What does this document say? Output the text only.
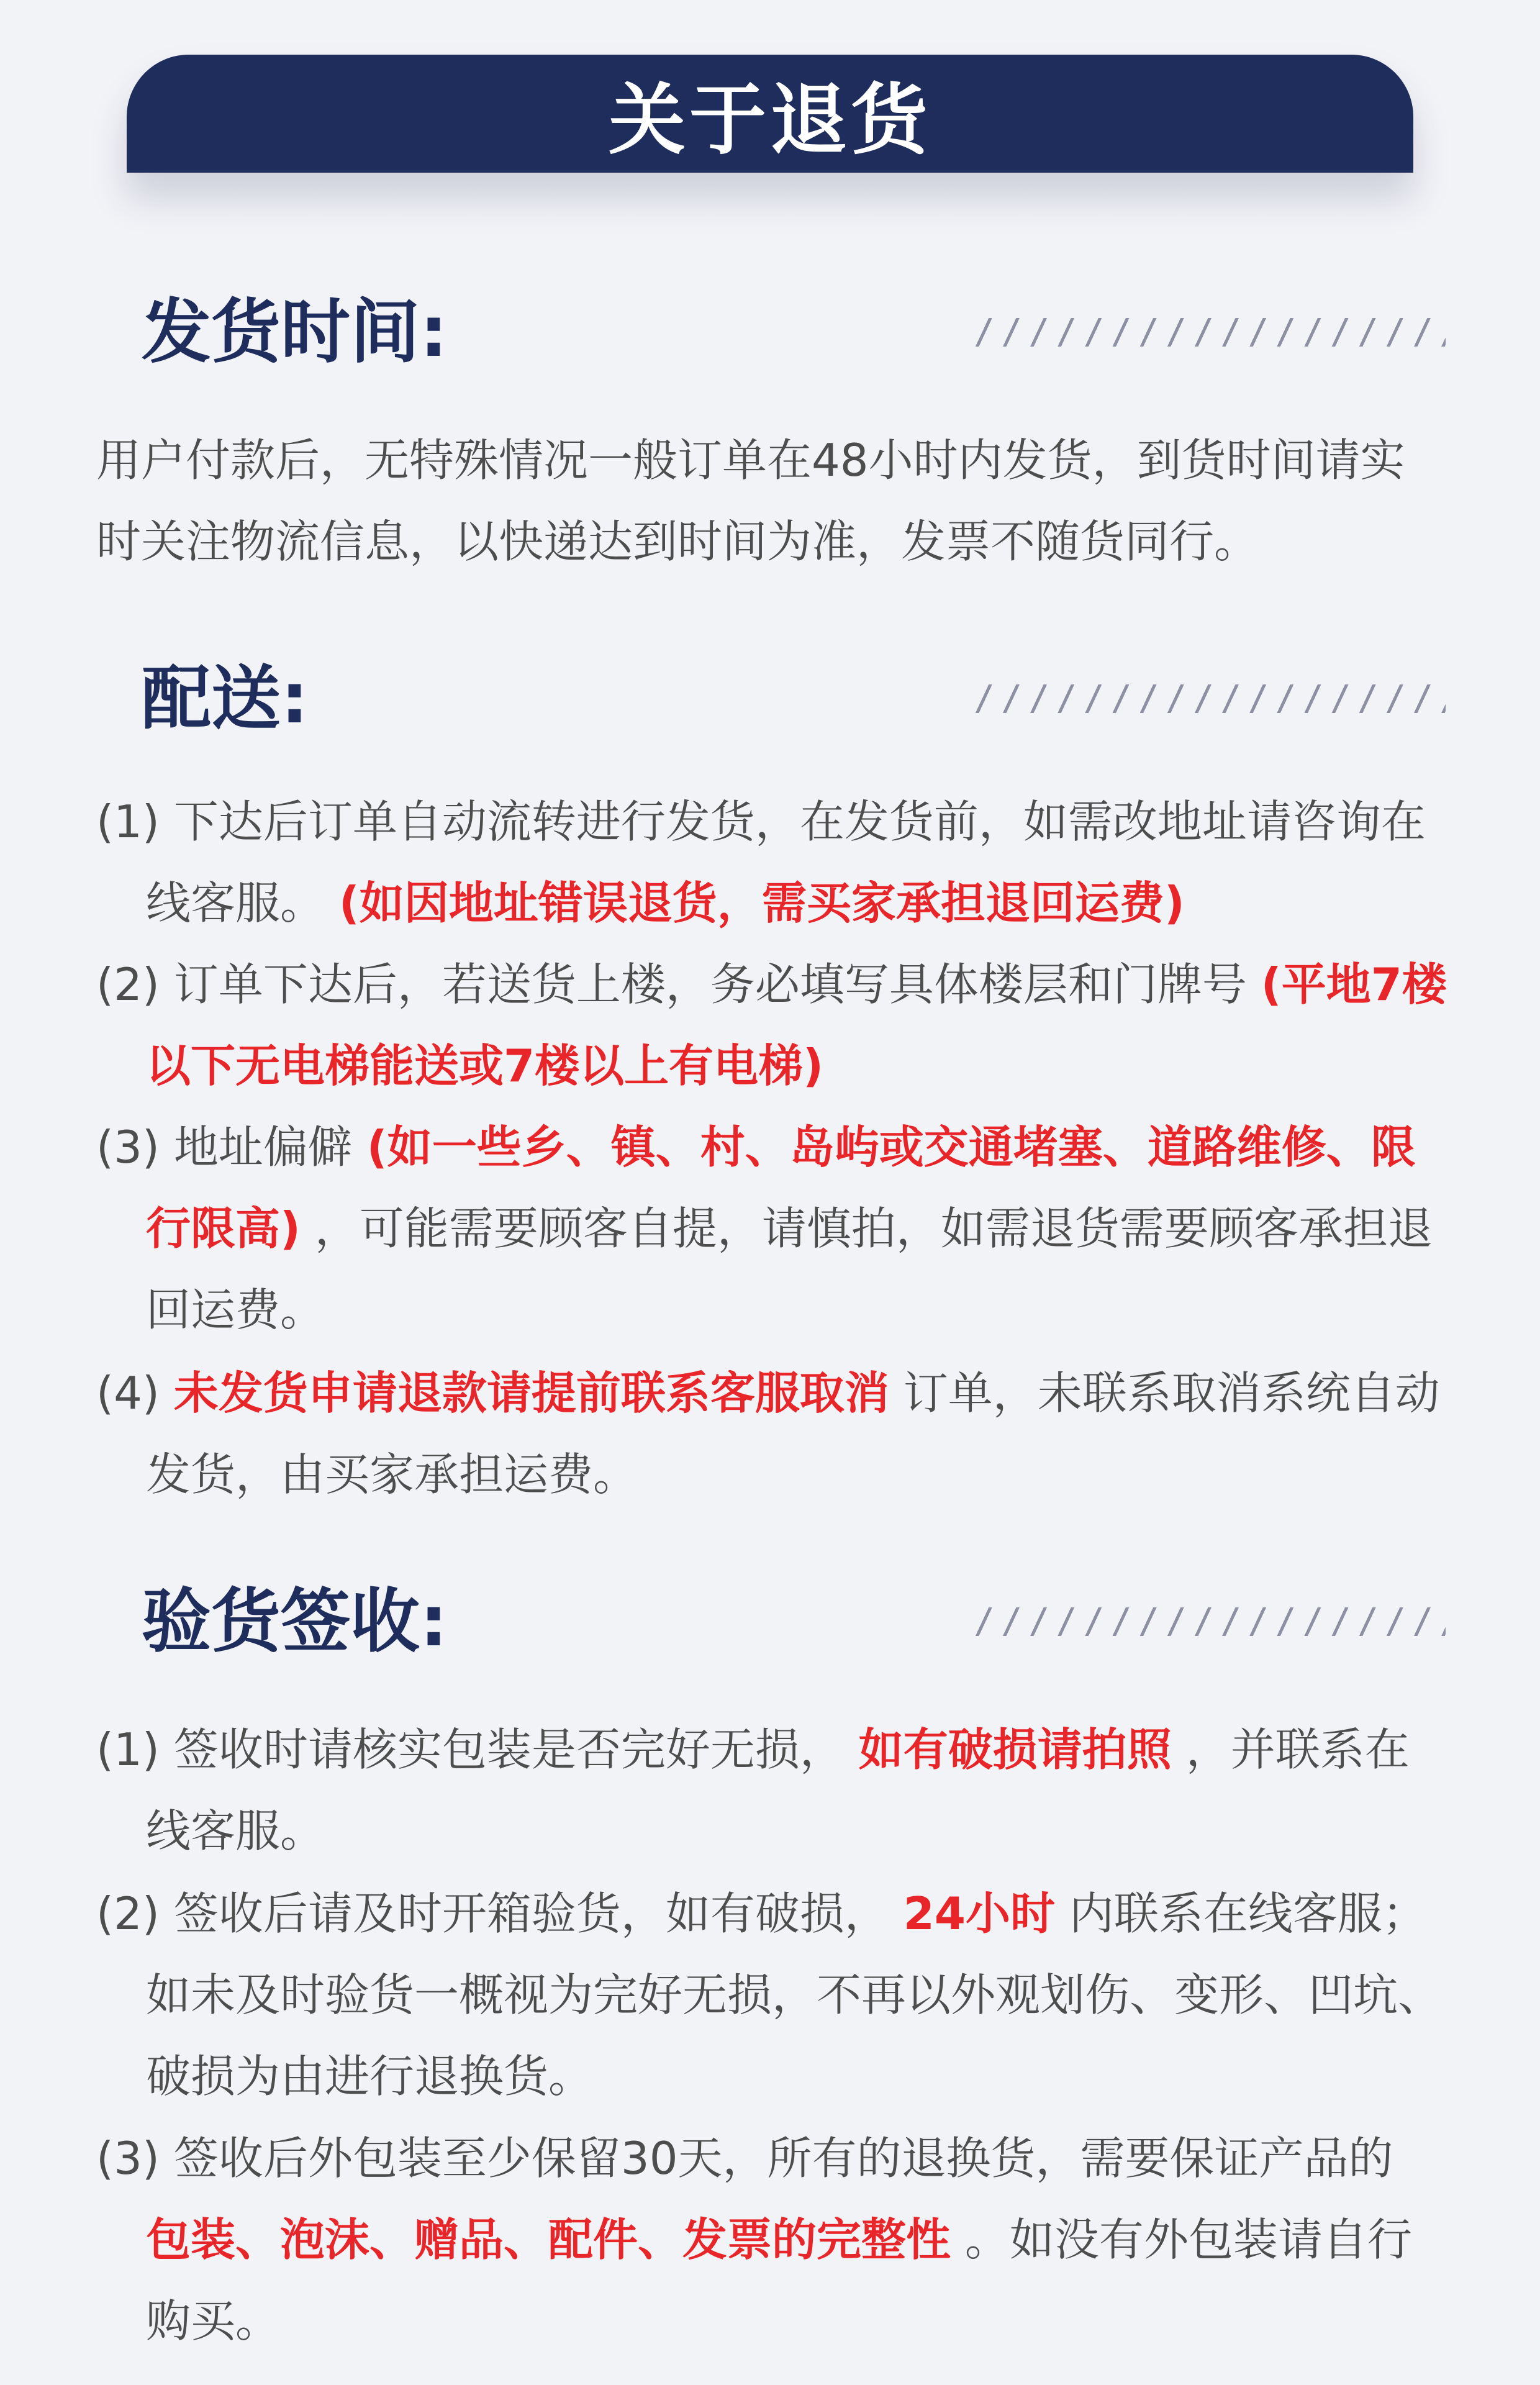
关于退货
发货时间:
用户付款后，无特殊情况一般订单在48小时内发货，到货时间请实时关注物流信息，以快递达到时间为准，发票不随货同行。
配送:
(1) 下达后订单自动流转进行发货，在发货前，如需改地址请咨询在线客服。 (如因地址错误退货，需买家承担退回运费)
(2) 订单下达后，若送货上楼，务必填写具体楼层和门牌号 (平地7楼以下无电梯能送或7楼以上有电梯)
(3) 地址偏僻 (如一些乡、镇、村、岛屿或交通堵塞、道路维修、限行限高) ，可能需要顾客自提，请慎拍，如需退货需要顾客承担退回运费。
(4) 未发货申请退款请提前联系客服取消 订单，未联系取消系统自动发货，由买家承担运费。
验货签收:
(1) 签收时请核实包装是否完好无损， 如有破损请拍照 ，并联系在线客服。
(2) 签收后请及时开箱验货，如有破损， 24小时 内联系在线客服；如未及时验货一概视为完好无损，不再以外观划伤、变形、凹坑、破损为由进行退换货。
(3) 签收后外包装至少保留30天，所有的退换货，需要保证产品的 包装、泡沫、赠品、配件、发票的完整性 。如没有外包装请自行购买。
